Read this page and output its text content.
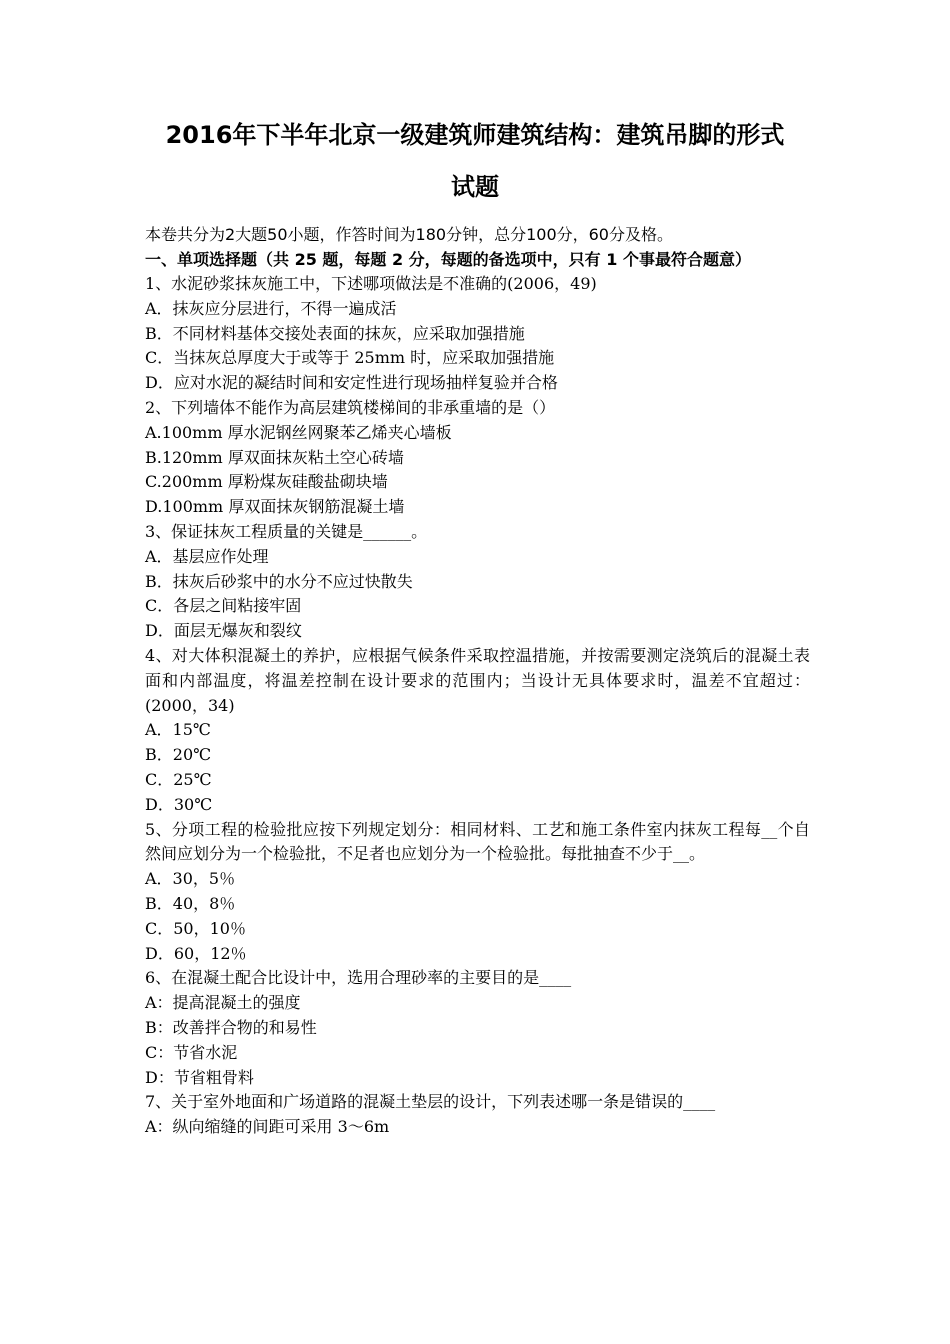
2016年下半年北京一级建筑师建筑结构：建筑吊脚的形式
试题
本卷共分为2大题50小题，作答时间为180分钟，总分100分，60分及格。
一、单项选择题（共 25 题，每题 2 分，每题的备选项中，只有 1 个事最符合题意）
1、水泥砂浆抹灰施工中，下述哪项做法是不准确的(2006，49)
A．抹灰应分层进行，不得一遍成活
B．不同材料基体交接处表面的抹灰，应采取加强措施
C．当抹灰总厚度大于或等于 25mm 时，应采取加强措施
D．应对水泥的凝结时间和安定性进行现场抽样复验并合格
2、下列墙体不能作为高层建筑楼梯间的非承重墙的是（）
A.100mm 厚水泥钢丝网聚苯乙烯夹心墙板
B.120mm 厚双面抹灰粘土空心砖墙
C.200mm 厚粉煤灰硅酸盐砌块墙
D.100mm 厚双面抹灰钢筋混凝土墙
3、保证抹灰工程质量的关键是______。
A．基层应作处理
B．抹灰后砂浆中的水分不应过快散失
C．各层之间粘接牢固
D．面层无爆灰和裂纹
4、对大体积混凝土的养护，应根据气候条件采取控温措施，并按需要测定浇筑后的混凝土表面和内部温度，将温差控制在设计要求的范围内；当设计无具体要求时，温差不宜超过：(2000，34)
A．15℃
B．20℃
C．25℃
D．30℃
5、分项工程的检验批应按下列规定划分：相同材料、工艺和施工条件室内抹灰工程每__个自然间应划分为一个检验批，不足者也应划分为一个检验批。每批抽查不少于__。
A．30，5％
B．40，8％
C．50，10％
D．60，12％
6、在混凝土配合比设计中，选用合理砂率的主要目的是____
A：提高混凝土的强度
B：改善拌合物的和易性
C：节省水泥
D：节省粗骨料
7、关于室外地面和广场道路的混凝土垫层的设计，下列表述哪一条是错误的____
A：纵向缩缝的间距可采用 3～6m
